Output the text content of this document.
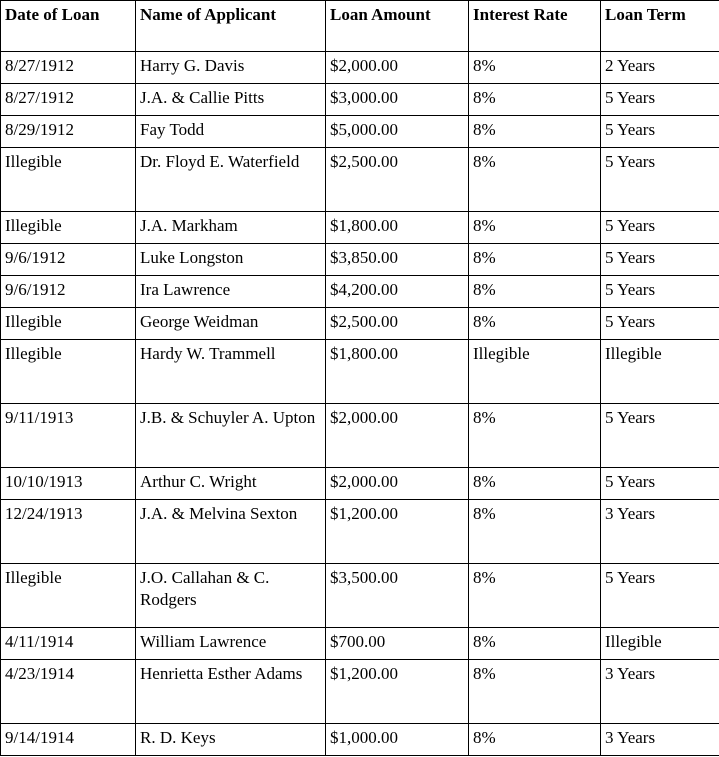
Date of Loan	Name of Applicant	Loan Amount	Interest Rate	Loan Term
8/27/1912	Harry G. Davis	$2,000.00	8%	2 Years
8/27/1912	J.A. & Callie Pitts	$3,000.00	8%	5 Years
8/29/1912	Fay Todd	$5,000.00	8%	5 Years
Illegible	Dr. Floyd E. Waterfield	$2,500.00	8%	5 Years
Illegible	J.A. Markham	$1,800.00	8%	5 Years
9/6/1912	Luke Longston	$3,850.00	8%	5 Years
9/6/1912	Ira Lawrence	$4,200.00	8%	5 Years
Illegible	George Weidman	$2,500.00	8%	5 Years
Illegible	Hardy W. Trammell	$1,800.00	Illegible	Illegible
9/11/1913	J.B. & Schuyler A. Upton	$2,000.00	8%	5 Years
10/10/1913	Arthur C. Wright	$2,000.00	8%	5 Years
12/24/1913	J.A. & Melvina Sexton	$1,200.00	8%	3 Years
Illegible	J.O. Callahan & C. Rodgers	$3,500.00	8%	5 Years
4/11/1914	William Lawrence	$700.00	8%	Illegible
4/23/1914	Henrietta Esther Adams	$1,200.00	8%	3 Years
9/14/1914	R. D. Keys	$1,000.00	8%	3 Years
